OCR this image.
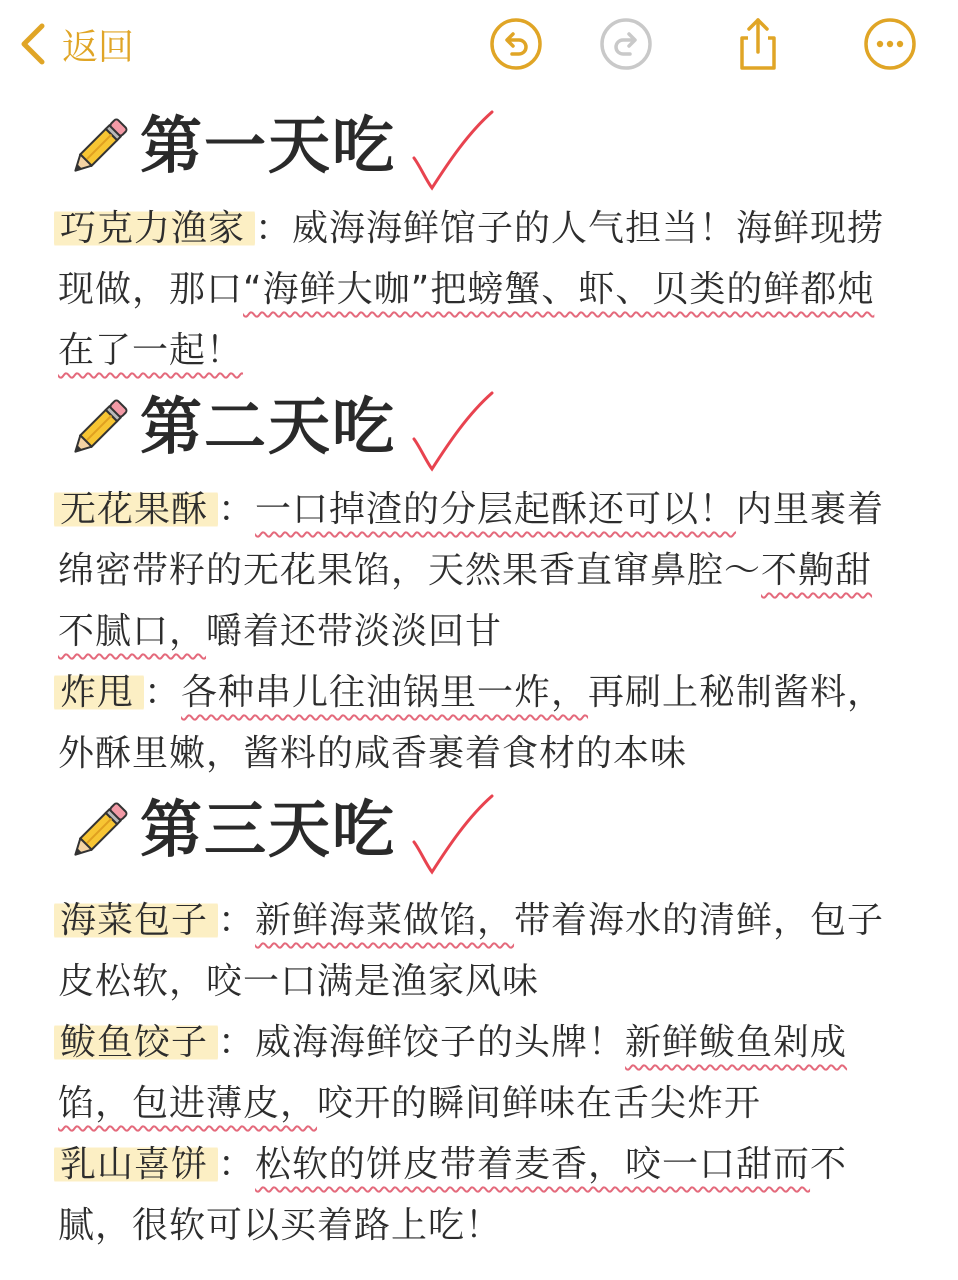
返回
第一天吃
巧克力渔家 ：威海海鲜馆子的人气担当！海鲜现捞现做，那口“海鲜大咖”把螃蟹、虾、贝类的鲜都炖在了一起！
第二天吃
无花果酥 ：一口掉渣的分层起酥还可以！内里裹着绵密带籽的无花果馅，天然果香直窜鼻腔～不齁甜不腻口，嚼着还带淡淡回甘
炸甩 ：各种串儿往油锅里一炸，再刷上秘制酱料，外酥里嫩，酱料的咸香裹着食材的本味
第三天吃
海菜包子 ：新鲜海菜做馅，带着海水的清鲜，包子皮松软，咬一口满是渔家风味
鲅鱼饺子 ：威海海鲜饺子的头牌！新鲜鲅鱼剁成馅，包进薄皮，咬开的瞬间鲜味在舌尖炸开
乳山喜饼 ：松软的饼皮带着麦香，咬一口甜而不腻，很软可以买着路上吃！
